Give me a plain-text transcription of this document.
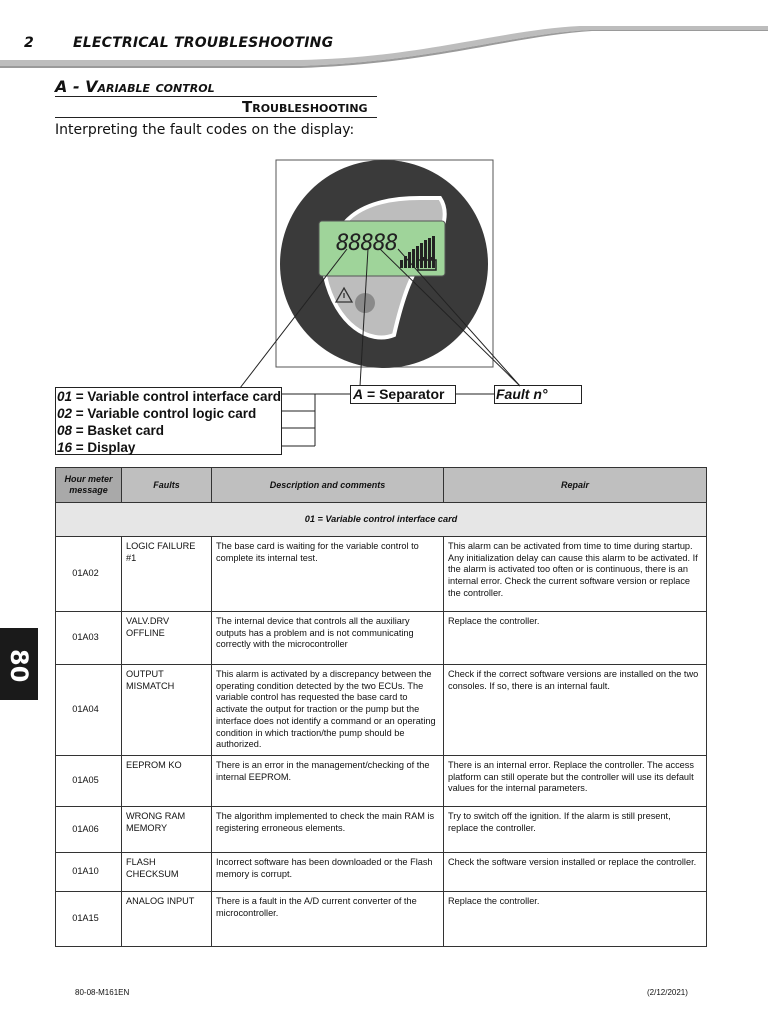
2	ELECTRICAL TROUBLESHOOTING
A - Variable control
Troubleshooting
Interpreting the fault codes on the display:
88888
01 = Variable control interface card
02 = Variable control logic card
08 = Basket card
16 = Display
A = Separator	Fault n°
Hour meter message	Faults	Description and comments	Repair
01 = Variable control interface card			
01A02	LOGIC FAILURE #1	The base card is waiting for the variable control to complete its internal test.	This alarm can be activated from time to time during startup. Any initialization delay can cause this alarm to be activated. If the alarm is activated too often or is continuous, there is an internal error. Check the current software version or replace the controller.
01A03	VALV.DRV OFFLINE	The internal device that controls all the auxiliary outputs has a problem and is not communicating correctly with the microcontroller	Replace the controller.
01A04	OUTPUT MISMATCH	This alarm is activated by a discrepancy between the operating condition detected by the two ECUs. The variable control has requested the base card to activate the output for traction or the pump but the interface does not identify a command or an operating condition in which traction/the pump should be authorized.	Check if the correct software versions are installed on the two consoles. If so, there is an internal fault.
01A05	EEPROM KO	There is an error in the management/checking of the internal EEPROM.	There is an internal error. Replace the controller. The access platform can still operate but the controller will use its default values for the internal parameters.
01A06	WRONG RAM MEMORY	The algorithm implemented to check the main RAM is registering erroneous elements.	Try to switch off the ignition. If the alarm is still present, replace the controller.
01A10	FLASH CHECKSUM	Incorrect software has been downloaded or the Flash memory is corrupt.	Check the software version installed or replace the controller.
01A15	ANALOG INPUT	There is a fault in the A/D current converter of the microcontroller.	Replace the controller.
80
80-08-M161EN	(2/12/2021)
